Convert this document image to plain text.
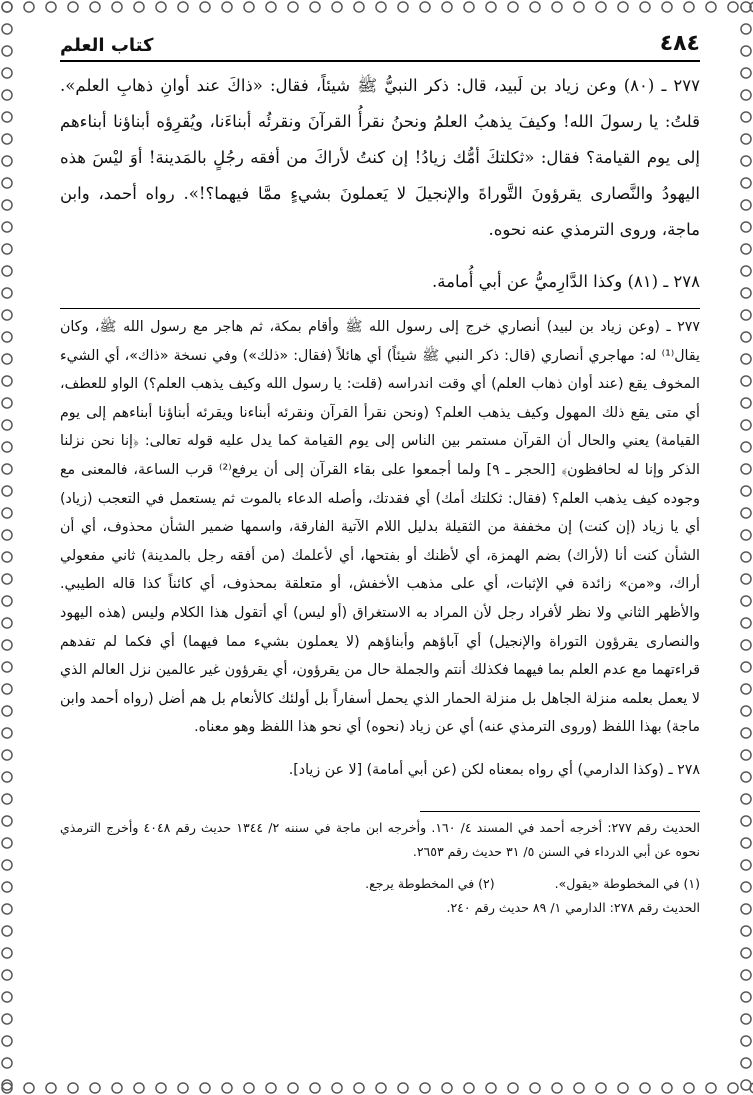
٤٨٤
كتاب العلم

٢٧٧ ـ (٨٠) وعن زياد بن لَبيد، قال: ذكر النبيُّ ﷺ شيئاً، فقال: «ذاكَ عند أوانِ ذهابِ العلم». قلتُ: يا رسولَ الله! وكيفَ يذهبُ العلمُ ونحنُ نقرأُ القرآنَ ونقرئُه أبناءَنا، ويُقرِؤه أبناؤنا أبناءهم إلى يوم القيامة؟ فقال: «ثكلتكَ أمُّك زيادُ! إن كنتُ لأراكَ من أفقه رجُلٍ بالمَدينة! أوَ ليْسَ هذه اليهودُ والنَّصارى يقرؤونَ التَّوراةَ والإنجيلَ لا يَعملونَ بشيءٍ ممَّا فيهما؟!». رواه أحمد، وابن ماجة، وروى الترمذي عنه نحوه.

٢٧٨ ـ (٨١) وكذا الدَّارِميُّ عن أبي أُمامة.

٢٧٧ ـ (وعن زياد بن لبيد) أنصاري خرج إلى رسول الله ﷺ وأقام بمكة، ثم هاجر مع رسول الله ﷺ، وكان يقال⁽¹⁾ له: مهاجري أنصاري (قال: ذكر النبي ﷺ شيئاً) أي هائلاً (فقال: «ذلك») وفي نسخة «ذاك»، أي الشيء المخوف يقع (عند أوان ذهاب العلم) أي وقت اندراسه (قلت: يا رسول الله وكيف يذهب العلم؟) الواو للعطف، أي متى يقع ذلك المهول وكيف يذهب العلم؟ (ونحن نقرأ القرآن ونقرئه أبناءنا ويقرئه أبناؤنا أبناءهم إلى يوم القيامة) يعني والحال أن القرآن مستمر بين الناس إلى يوم القيامة كما يدل عليه قوله تعالى: ﴿إنا نحن نزلنا الذكر وإنا له لحافظون﴾ [الحجر ـ ٩] ولما أجمعوا على بقاء القرآن إلى أن يرفع⁽²⁾ قرب الساعة، فالمعنى مع وجوده كيف يذهب العلم؟ (فقال: ثكلتك أمك) أي فقدتك، وأصله الدعاء بالموت ثم يستعمل في التعجب (زياد) أي يا زياد (إن كنت) إن مخففة من الثقيلة بدليل اللام الآتية الفارقة، واسمها ضمير الشأن محذوف، أي أن الشأن كنت أنا (لأراك) بضم الهمزة، أي لأظنك أو بفتحها، أي لأعلمك (من أفقه رجل بالمدينة) ثاني مفعولي أراك، و«من» زائدة في الإثبات، أي على مذهب الأخفش، أو متعلقة بمحذوف، أي كائناً كذا قاله الطيبي. والأظهر الثاني ولا نظر لأفراد رجل لأن المراد به الاستغراق (أو ليس) أي أتقول هذا الكلام وليس (هذه اليهود والنصارى يقرؤون التوراة والإنجيل) أي آباؤهم وأبناؤهم (لا يعملون بشيء مما فيهما) أي فكما لم تفدهم قراءتهما مع عدم العلم بما فيهما فكذلك أنتم والجملة حال من يقرؤون، أي يقرؤون غير عالمين نزل العالم الذي لا يعمل بعلمه منزلة الجاهل بل منزلة الحمار الذي يحمل أسفاراً بل أولئك كالأنعام بل هم أضل (رواه أحمد وابن ماجة) بهذا اللفظ (وروى الترمذي عنه) أي عن زياد (نحوه) أي نحو هذا اللفظ وهو معناه.

٢٧٨ ـ (وكذا الدارمي) أي رواه بمعناه لكن (عن أبي أمامة) [لا عن زياد].

الحديث رقم ٢٧٧: أخرجه أحمد في المسند ٤/ ١٦٠. وأخرجه ابن ماجة في سننه ٢/ ١٣٤٤ حديث رقم ٤٠٤٨ وأخرج الترمذي نحوه عن أبي الدرداء في السنن ٥/ ٣١ حديث رقم ٢٦٥٣.

(١) في المخطوطة «يقول».
(٢) في المخطوطة يرجع.

الحديث رقم ٢٧٨: الدارمي ١/ ٨٩ حديث رقم ٢٤٠.
